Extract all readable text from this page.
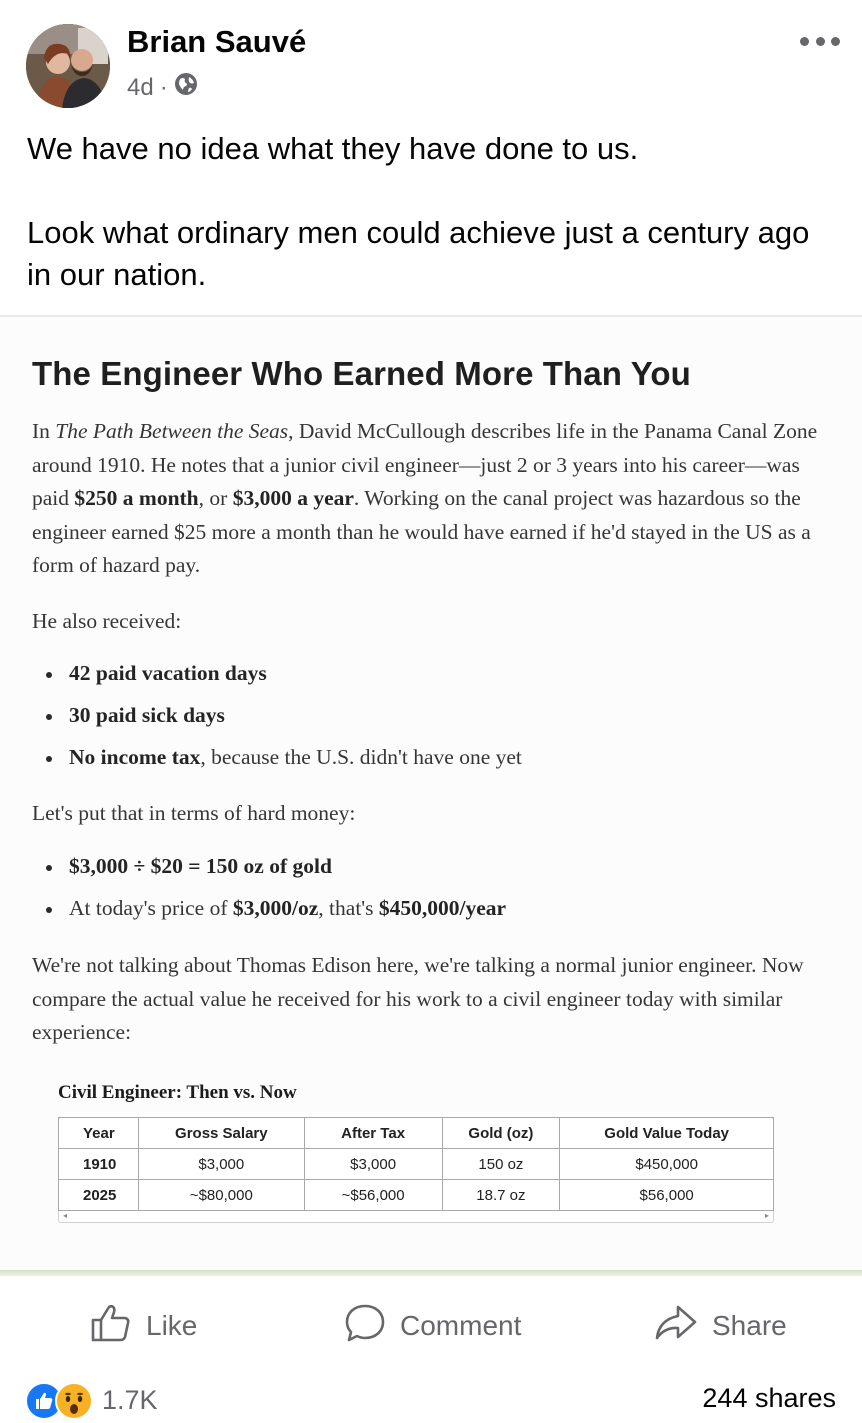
Brian Sauvé
4d ·

We have no idea what they have done to us.

Look what ordinary men could achieve just a century ago in our nation.

The Engineer Who Earned More Than You

In The Path Between the Seas, David McCullough describes life in the Panama Canal Zone around 1910. He notes that a junior civil engineer—just 2 or 3 years into his career—was paid $250 a month, or $3,000 a year. Working on the canal project was hazardous so the engineer earned $25 more a month than he would have earned if he'd stayed in the US as a form of hazard pay.

He also received:

42 paid vacation days
30 paid sick days
No income tax, because the U.S. didn't have one yet

Let's put that in terms of hard money:

$3,000 ÷ $20 = 150 oz of gold
At today's price of $3,000/oz, that's $450,000/year

We're not talking about Thomas Edison here, we're talking a normal junior engineer. Now compare the actual value he received for his work to a civil engineer today with similar experience:

Civil Engineer: Then vs. Now
Year	Gross Salary	After Tax	Gold (oz)	Gold Value Today
1910	$3,000	$3,000	150 oz	$450,000
2025	~$80,000	~$56,000	18.7 oz	$56,000
◂	▸
Like	Comment	Share
1.7K	244 shares
